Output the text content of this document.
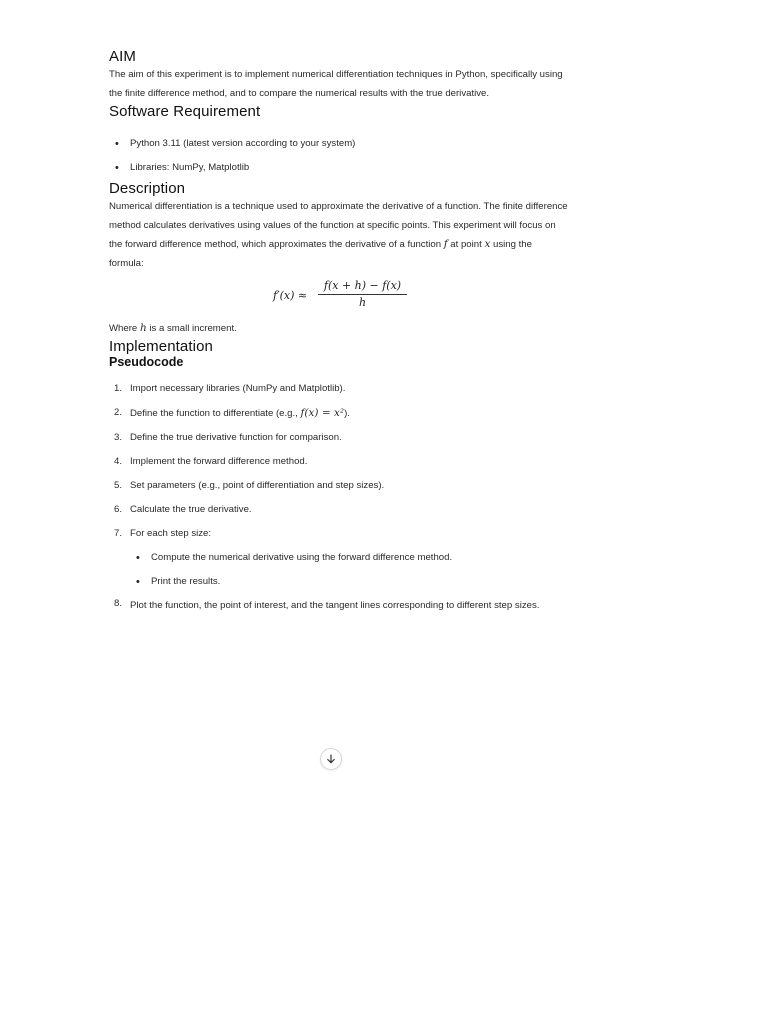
AIM

The aim of this experiment is to implement numerical differentiation techniques in Python, specifically using the finite difference method, and to compare the numerical results with the true derivative.

Software Requirement
• Python 3.11 (latest version according to your system)
• Libraries: NumPy, Matplotlib
Description

Numerical differentiation is a technique used to approximate the derivative of a function. The finite difference method calculates derivatives using values of the function at specific points. This experiment will focus on the forward difference method, which approximates the derivative of a function f at point x using the formula:

f′(x) ≈
f(x + h) − f(x)
h

Where h is a small increment.

Implementation
Pseudocode
1. Import necessary libraries (NumPy and Matplotlib).
2. Define the function to differentiate (e.g., f(x) = x²).
3. Define the true derivative function for comparison.
4. Implement the forward difference method.
5. Set parameters (e.g., point of differentiation and step sizes).
6. Calculate the true derivative.
7. For each step size:
• Compute the numerical derivative using the forward difference method.
• Print the results.
8. Plot the function, the point of interest, and the tangent lines corresponding to different step sizes.
